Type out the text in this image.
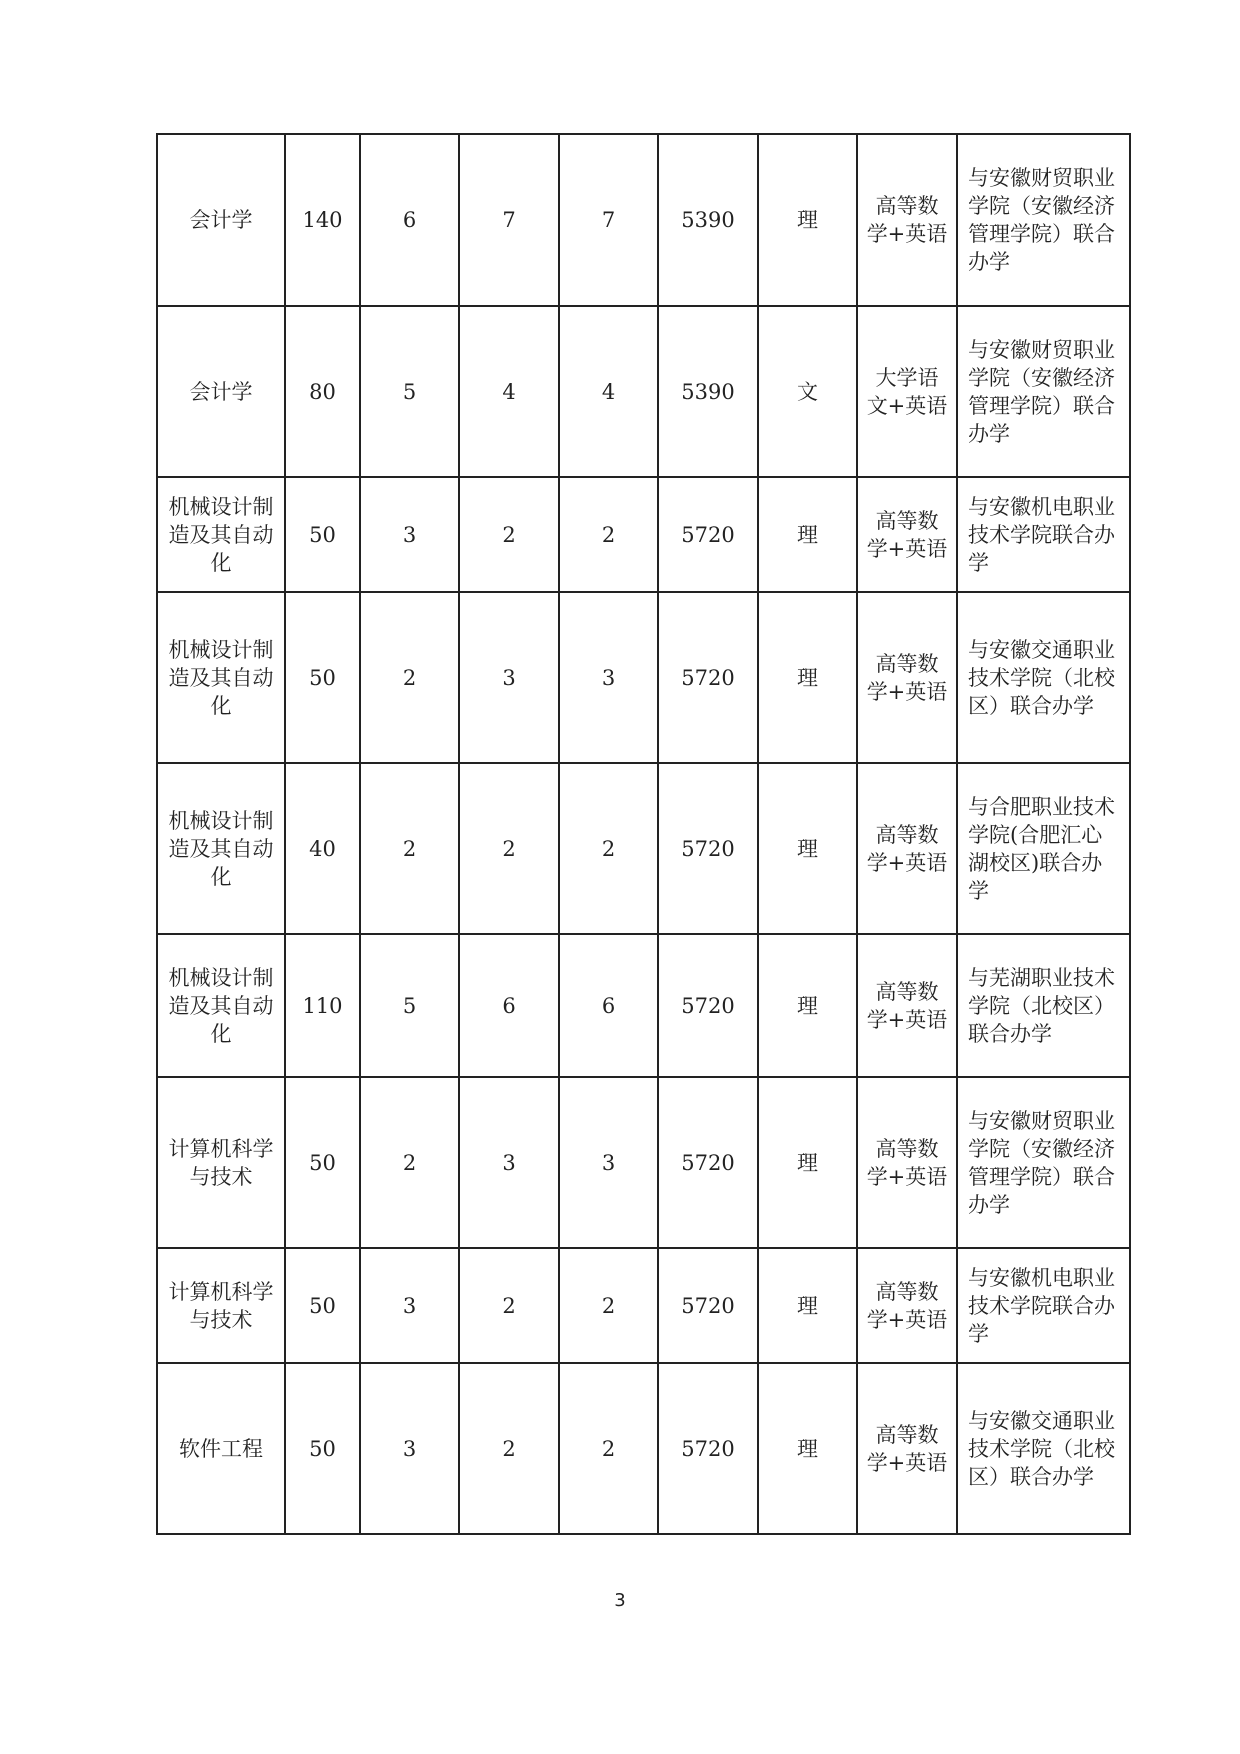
会计学	140	6	7	7	5390	理	高等数学+英语	与安徽财贸职业学院（安徽经济管理学院）联合办学
会计学	80	5	4	4	5390	文	大学语文+英语	与安徽财贸职业学院（安徽经济管理学院）联合办学
机械设计制造及其自动化	50	3	2	2	5720	理	高等数学+英语	与安徽机电职业技术学院联合办学
机械设计制造及其自动化	50	2	3	3	5720	理	高等数学+英语	与安徽交通职业技术学院（北校区）联合办学
机械设计制造及其自动化	40	2	2	2	5720	理	高等数学+英语	与合肥职业技术学院(合肥汇心湖校区)联合办学
机械设计制造及其自动化	110	5	6	6	5720	理	高等数学+英语	与芜湖职业技术学院（北校区）联合办学
计算机科学与技术	50	2	3	3	5720	理	高等数学+英语	与安徽财贸职业学院（安徽经济管理学院）联合办学
计算机科学与技术	50	3	2	2	5720	理	高等数学+英语	与安徽机电职业技术学院联合办学
软件工程	50	3	2	2	5720	理	高等数学+英语	与安徽交通职业技术学院（北校区）联合办学
3
